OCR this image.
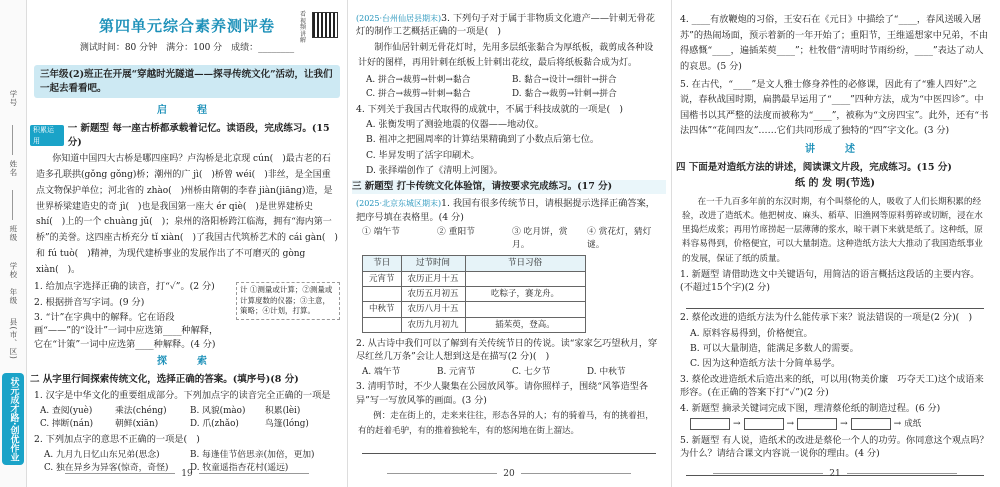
学号
姓名
班级
学校
年级
县(市、区)
状元成才路·创优作业
第四单元综合素养测评卷
测试时间：80 分钟　满分：100 分　成绩：________
看视频讲解
三年级(2)班正在开展“穿越时光隧道——探寻传统文化”活动，让我们一起去看看吧。
启　程
积累运用
一 新题型 每一座古桥都承载着记忆。读语段，完成练习。(15 分)
你知道中国四大古桥是哪四座吗？卢沟桥是北京现 cún(　)最古老的石造多孔联拱(gǒng gǒng)桥；潮州的广 jì(　)桥曾 wéi(　)非丝，是全国重点文物保护单位；河北省的 zhào(　)州桥由隋朝的李春 jiàn(jiāng)造，是世界桥梁建造史的奇 jì(　)也是我国第一座大 ér qiè(　)是世界建桥史 shí(　)上的一个 chuàng jǔ(　)；泉州的洛阳桥跨江临海，拥有“海内第一桥”的美誉。这四座古桥充分 tǐ xiàn(　)了我国古代筑桥艺术的 cái gàn(　)和 fú tuò(　)精神，为现代建桥事业的发展作出了不可磨灭的 gòng xiàn(　)。
1. 给加点字选择正确的读音，打“✓”。(2 分)
2. 根据拼音写字词。(9 分)
3. “计”在字典中的解释。它在语段画“——”的“设计”一词中应选第____种解释，它在“计策”一词中应选第____种解释。(4 分)
计 ①测量或计算；②测量或计算度数的仪器；③主意，策略；④计划，打算。
探　索
二 从字里行间探索传统文化，选择正确的答案。(填序号)(8 分)
1. 汉字是中华文化的重要组成部分。下列加点字的读音完全正确的一项是
A. 查阅(yuè)	乘法(chéng)	B. 风貌(mào)	积累(lèi)
C. 摔断(nán)	朝鲜(xiān)	D. 爪(zhǎo)	鸟篷(lóng)
2. 下列加点字的意思不正确的一项是(　)
A. 九月九日忆山东兄弟(思念)	B. 每逢佳节倍思亲(加倍，更加)
C. 独在异乡为异客(惊奇，奇怪)	D. 牧童遥指杏花村(遥远)
19
(2025·台州仙居县期末)3. 下列句子对于属于非物质文化遗产——针刺无骨花灯的制作工艺概括正确的一项是(　)
制作仙居针刺无骨花灯时，先用多层纸张黏合为厚纸板，裁剪成各种设计好的图样，再用针刺在纸板上针刺出花纹，最后将纸板黏合成为灯。
A. 拼合→裁剪→针刺→黏合	B. 黏合→设计→细针→拼合
C. 拼合→裁剪→针刺→黏合	D. 黏合→裁剪→针刺→拼合
4. 下列关于我国古代取得的成就中，不属于科技成就的一项是(　)
A. 张衡发明了测验地震的仪器——地动仪。
B. 祖冲之把圆周率的计算结果精确到了小数点后第七位。
C. 毕昇发明了活字印刷术。
D. 张择端创作了《清明上河图》。
三 新题型 打卡传统文化体验馆，请按要求完成练习。(17 分)
(2025·北京东城区期末)1. 我国有很多传统节日，请根据提示选择正确答案，把序号填在表格里。(4 分)
① 端午节	② 重阳节	③ 吃月饼，赏月。
④ 赏花灯，猜灯谜。
节日	过节时间	节日习俗
元宵节	农历正月十五	
	农历五月初五	吃粽子，赛龙舟。
中秋节	农历八月十五	
	农历九月初九	插茱萸，登高。
2. 从古诗中我们可以了解到有关传统节日的传说。读“家家乞巧望秋月，穿尽红丝几万条”会让人想到这是在描写(2 分)(　)
A. 端午节	B. 元宵节	C. 七夕节	D. 中秋节
3. 清明节时，不少人聚集在公园放风筝。请你照样子，围绕“风筝造型各异”写一写放风筝的画面。(3 分)
例：走在街上的，走来来往往，形态各异的人；有的骑着马，有的挑着担，有的赶着毛驴，有的推着独轮车，有的悠闲地在街上溜达。
20
4. ____有放鞭炮的习俗，王安石在《元日》中描绘了“____，春风送暖入屠苏”的热闹场面，预示着新的一年开始了；重阳节，王维遥想家中兄弟，不由得感慨“____，遍插茱萸____”；杜牧借“清明时节雨纷纷，____”表达了动人的哀思。(5 分)
5. 在古代，“____”是文人雅士修身养性的必修课，因此有了“雅人四好”之说，春秋战国时期，扁鹊最早运用了“____”四种方法，成为“中医四诊”。中国楷书以其严整的法度而被称为“____”，被称为“文房四宝”。此外，还有“书法四体”“花间四友”……它们共同形成了独特的“四”字文化。(3 分)
讲　述
四 下面是对造纸方法的讲述，阅读课文片段，完成练习。(15 分)
纸 的 发 明(节选)
在一千九百多年前的东汉时期，有个叫蔡伦的人，吸收了人们长期积累的经验，改进了造纸术。他把树皮、麻头、稻草、旧渔网等原料剪碎或切断，浸在水里捣烂成浆；再用竹席捞起一层薄薄的浆水，晾干剥下来就是纸了。这种纸，原料容易得到，价格便宜，可以大量制造。这种造纸方法大大推动了我国造纸事业的发展，保证了纸的质量。
1. 新题型 请借助选文中关键语句，用简洁的语言概括这段话的主要内容。(不超过15个字)(2 分)
2. 蔡伦改进的造纸方法为什么能传承下来？说法错误的一项是(2 分)(　)
A. 原料容易得到，价格便宜。
B. 可以大量制造，能满足多数人的需要。
C. 因为这种造纸方法十分简单易学。
3. 蔡伦改进造纸术后造出来的纸，可以用(物美价廉　巧夺天工)这个成语来形容。(在正确的答案下打“✓”)(2 分)
4. 新题型 摘录关键词完成下图，理清蔡伦纸的制造过程。(6 分)
→	→	→	→ 成纸
5. 新题型 有人说，造纸术的改进是蔡伦一个人的功劳。你同意这个观点吗？为什么？请结合课文内容说一说你的理由。(4 分)
21
